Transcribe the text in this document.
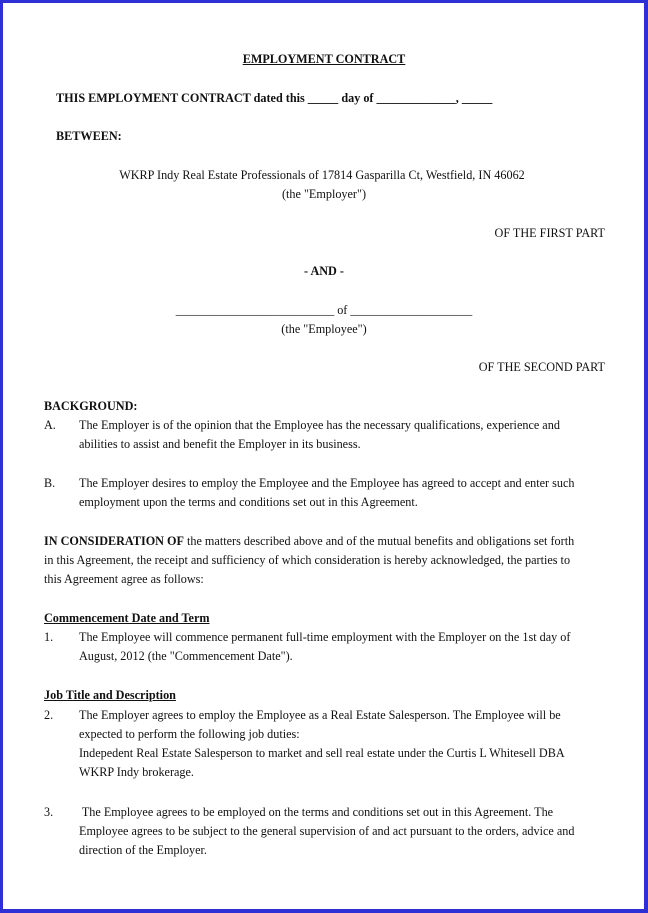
EMPLOYMENT CONTRACT
THIS EMPLOYMENT CONTRACT dated this _____ day of _____________, _____
BETWEEN:
WKRP Indy Real Estate Professionals of 17814 Gasparilla Ct, Westfield, IN 46062
(the "Employer")
OF THE FIRST PART
- AND -
__________________________ of ____________________
(the "Employee")
OF THE SECOND PART
BACKGROUND:
A. The Employer is of the opinion that the Employee has the necessary qualifications, experience and

abilities to assist and benefit the Employer in its business.

B. The Employer desires to employ the Employee and the Employee has agreed to accept and enter such

employment upon the terms and conditions set out in this Agreement.

IN CONSIDERATION OF the matters described above and of the mutual benefits and obligations set forth

in this Agreement, the receipt and sufficiency of which consideration is hereby acknowledged, the parties to

this Agreement agree as follows:

Commencement Date and Term
1. The Employee will commence permanent full-time employment with the Employer on the 1st day of

August, 2012 (the "Commencement Date").

Job Title and Description
2. The Employer agrees to employ the Employee as a Real Estate Salesperson. The Employee will be

expected to perform the following job duties:

Indepedent Real Estate Salesperson to market and sell real estate under the Curtis L Whitesell DBA

WKRP Indy brokerage.

3. The Employee agrees to be employed on the terms and conditions set out in this Agreement. The

Employee agrees to be subject to the general supervision of and act pursuant to the orders, advice and

direction of the Employer.
